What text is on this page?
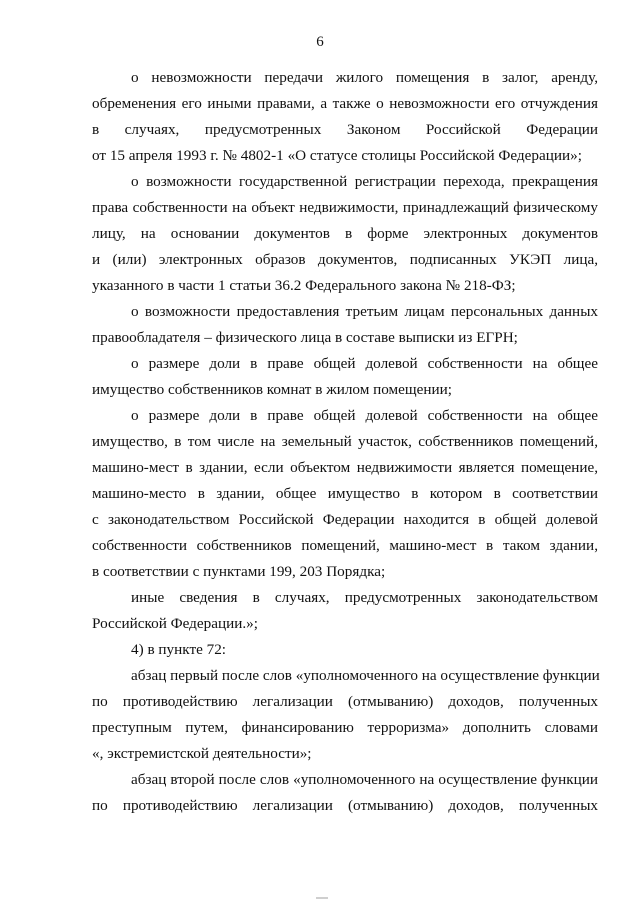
6
о невозможности передачи жилого помещения в залог, аренду,
обременения его иными правами, а также о невозможности его отчуждения
в случаях, предусмотренных Законом Российской Федерации
от 15 апреля 1993 г. № 4802-1 «О статусе столицы Российской Федерации»;
о возможности государственной регистрации перехода, прекращения
права собственности на объект недвижимости, принадлежащий физическому
лицу, на основании документов в форме электронных документов
и (или) электронных образов документов, подписанных УКЭП лица,
указанного в части 1 статьи 36.2 Федерального закона № 218-ФЗ;
о возможности предоставления третьим лицам персональных данных
правообладателя – физического лица в составе выписки из ЕГРН;
о размере доли в праве общей долевой собственности на общее
имущество собственников комнат в жилом помещении;
о размере доли в праве общей долевой собственности на общее
имущество, в том числе на земельный участок, собственников помещений,
машино-мест в здании, если объектом недвижимости является помещение,
машино-место в здании, общее имущество в котором в соответствии
с законодательством Российской Федерации находится в общей долевой
собственности собственников помещений, машино-мест в таком здании,
в соответствии с пунктами 199, 203 Порядка;
иные сведения в случаях, предусмотренных законодательством
Российской Федерации.»;
4) в пункте 72:
абзац первый после слов «уполномоченного на осуществление функции
по противодействию легализации (отмыванию) доходов, полученных
преступным путем, финансированию терроризма» дополнить словами
«, экстремистской деятельности»;
абзац второй после слов «уполномоченного на осуществление функции
по противодействию легализации (отмыванию) доходов, полученных
